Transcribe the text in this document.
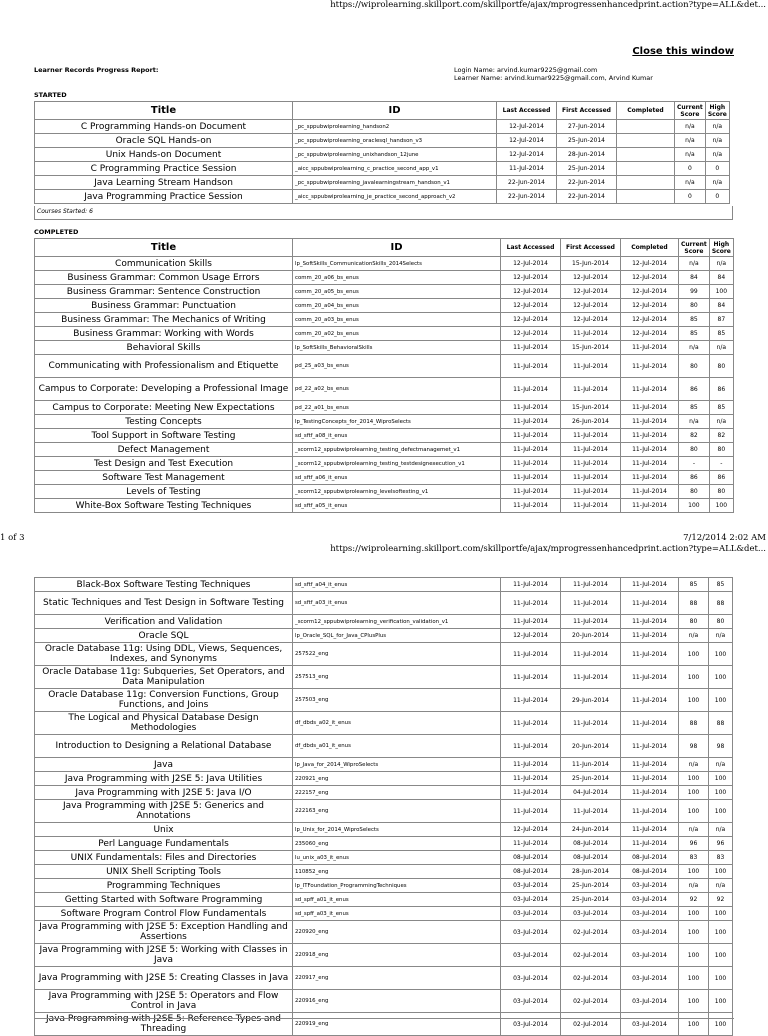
https://wiprolearning.skillport.com/skillportfe/ajax/mprogressenhancedprint.action?type=ALL&det...
Close this window
Learner Records Progress Report:	Login Name: arvind.kumar9225@gmail.com
Learner Name: arvind.kumar9225@gmail.com, Arvind Kumar
STARTED
Title	ID	Last Accessed	First Accessed	Completed	Current Score	High Score
C Programming Hands-on Document	_pc_sppubwiprolearning_handson2	12-Jul-2014	27-Jun-2014		n/a	n/a
Oracle SQL Hands-on	_pc_sppubwiprolearning_oraclesql_handson_v3	12-Jul-2014	25-Jun-2014		n/a	n/a
Unix Hands-on Document	_pc_sppubwiprolearning_unixhandson_12june	12-Jul-2014	28-Jun-2014		n/a	n/a
C Programming Practice Session	_aicc_sppubwiprolearning_c_practice_second_app_v1	11-Jul-2014	25-Jun-2014		0	0
Java Learning Stream Handson	_pc_sppubwiprolearning_javalearningstream_handson_v1	22-Jun-2014	22-Jun-2014		n/a	n/a
Java Programming Practice Session	_aicc_sppubwiprolearning_je_practice_second_approach_v2	22-Jun-2014	22-Jun-2014		0	0
Courses Started: 6
COMPLETED
Title	ID	Last Accessed	First Accessed	Completed	Current Score	High Score
Communication Skills	lp_SoftSkills_CommunicationSkills_2014Selects	12-Jul-2014	15-Jun-2014	12-Jul-2014	n/a	n/a
Business Grammar: Common Usage Errors	comm_20_a06_bs_enus	12-Jul-2014	12-Jul-2014	12-Jul-2014	84	84
Business Grammar: Sentence Construction	comm_20_a05_bs_enus	12-Jul-2014	12-Jul-2014	12-Jul-2014	99	100
Business Grammar: Punctuation	comm_20_a04_bs_enus	12-Jul-2014	12-Jul-2014	12-Jul-2014	80	84
Business Grammar: The Mechanics of Writing	comm_20_a03_bs_enus	12-Jul-2014	12-Jul-2014	12-Jul-2014	85	87
Business Grammar: Working with Words	comm_20_a02_bs_enus	12-Jul-2014	11-Jul-2014	12-Jul-2014	85	85
Behavioral Skills	lp_SoftSkills_BehavioralSkills	11-Jul-2014	15-Jun-2014	11-Jul-2014	n/a	n/a
Communicating with Professionalism and Etiquette	pd_25_a03_bs_enus	11-Jul-2014	11-Jul-2014	11-Jul-2014	80	80
Campus to Corporate: Developing a Professional Image	pd_22_a02_bs_enus	11-Jul-2014	11-Jul-2014	11-Jul-2014	86	86
Campus to Corporate: Meeting New Expectations	pd_22_a01_bs_enus	11-Jul-2014	15-Jun-2014	11-Jul-2014	85	85
Testing Concepts	lp_TestingConcepts_for_2014_WiproSelects	11-Jul-2014	26-Jun-2014	11-Jul-2014	n/a	n/a
Tool Support in Software Testing	sd_sftf_a08_it_enus	11-Jul-2014	11-Jul-2014	11-Jul-2014	82	82
Defect Management	_scorm12_sppubwiprolearning_testing_defectmanagemet_v1	11-Jul-2014	11-Jul-2014	11-Jul-2014	80	80
Test Design and Test Execution	_scorm12_sppubwiprolearning_testing_testdesignexecution_v1	11-Jul-2014	11-Jul-2014	11-Jul-2014	-	-
Software Test Management	sd_sftf_a06_it_enus	11-Jul-2014	11-Jul-2014	11-Jul-2014	86	86
Levels of Testing	_scorm12_sppubwiprolearning_levelsoftesting_v1	11-Jul-2014	11-Jul-2014	11-Jul-2014	80	80
White-Box Software Testing Techniques	sd_sftf_a05_it_enus	11-Jul-2014	11-Jul-2014	11-Jul-2014	100	100
1 of 3	7/12/2014 2:02 AM
https://wiprolearning.skillport.com/skillportfe/ajax/mprogressenhancedprint.action?type=ALL&det...
Black-Box Software Testing Techniques	sd_sftf_a04_it_enus	11-Jul-2014	11-Jul-2014	11-Jul-2014	85	85
Static Techniques and Test Design in Software Testing	sd_sftf_a03_it_enus	11-Jul-2014	11-Jul-2014	11-Jul-2014	88	88
Verification and Validation	_scorm12_sppubwiprolearning_verification_validation_v1	11-Jul-2014	11-Jul-2014	11-Jul-2014	80	80
Oracle SQL	lp_Oracle_SQL_for_Java_CPlusPlus	12-Jul-2014	20-Jun-2014	11-Jul-2014	n/a	n/a
Oracle Database 11g: Using DDL, Views, Sequences, Indexes, and Synonyms	257522_eng	11-Jul-2014	11-Jul-2014	11-Jul-2014	100	100
Oracle Database 11g: Subqueries, Set Operators, and Data Manipulation	257513_eng	11-Jul-2014	11-Jul-2014	11-Jul-2014	100	100
Oracle Database 11g: Conversion Functions, Group Functions, and Joins	257503_eng	11-Jul-2014	29-Jun-2014	11-Jul-2014	100	100
The Logical and Physical Database Design Methodologies	df_dbds_a02_it_enus	11-Jul-2014	11-Jul-2014	11-Jul-2014	88	88
Introduction to Designing a Relational Database	df_dbds_a01_it_enus	11-Jul-2014	20-Jun-2014	11-Jul-2014	98	98
Java	lp_Java_for_2014_WiproSelects	11-Jul-2014	11-Jun-2014	11-Jul-2014	n/a	n/a
Java Programming with J2SE 5: Java Utilities	220921_eng	11-Jul-2014	25-Jun-2014	11-Jul-2014	100	100
Java Programming with J2SE 5: Java I/O	222157_eng	11-Jul-2014	04-Jul-2014	11-Jul-2014	100	100
Java Programming with J2SE 5: Generics and Annotations	222163_eng	11-Jul-2014	11-Jul-2014	11-Jul-2014	100	100
Unix	lp_Unix_for_2014_WiproSelects	12-Jul-2014	24-Jun-2014	11-Jul-2014	n/a	n/a
Perl Language Fundamentals	235060_eng	11-Jul-2014	08-Jul-2014	11-Jul-2014	96	96
UNIX Fundamentals: Files and Directories	lu_unix_a03_it_enus	08-Jul-2014	08-Jul-2014	08-Jul-2014	83	83
UNIX Shell Scripting Tools	110852_eng	08-Jul-2014	28-Jun-2014	08-Jul-2014	100	100
Programming Techniques	lp_ITFoundation_ProgrammingTechniques	03-Jul-2014	25-Jun-2014	03-Jul-2014	n/a	n/a
Getting Started with Software Programming	sd_spff_a01_it_enus	03-Jul-2014	25-Jun-2014	03-Jul-2014	92	92
Software Program Control Flow Fundamentals	sd_spff_a03_it_enus	03-Jul-2014	03-Jul-2014	03-Jul-2014	100	100
Java Programming with J2SE 5: Exception Handling and Assertions	220920_eng	03-Jul-2014	02-Jul-2014	03-Jul-2014	100	100
Java Programming with J2SE 5: Working with Classes in Java	220918_eng	03-Jul-2014	02-Jul-2014	03-Jul-2014	100	100
Java Programming with J2SE 5: Creating Classes in Java	220917_eng	03-Jul-2014	02-Jul-2014	03-Jul-2014	100	100
Java Programming with J2SE 5: Operators and Flow Control in Java	220916_eng	03-Jul-2014	02-Jul-2014	03-Jul-2014	100	100
Java Programming with J2SE 5: Reference Types and Threading	220919_eng	03-Jul-2014	02-Jul-2014	03-Jul-2014	100	100
